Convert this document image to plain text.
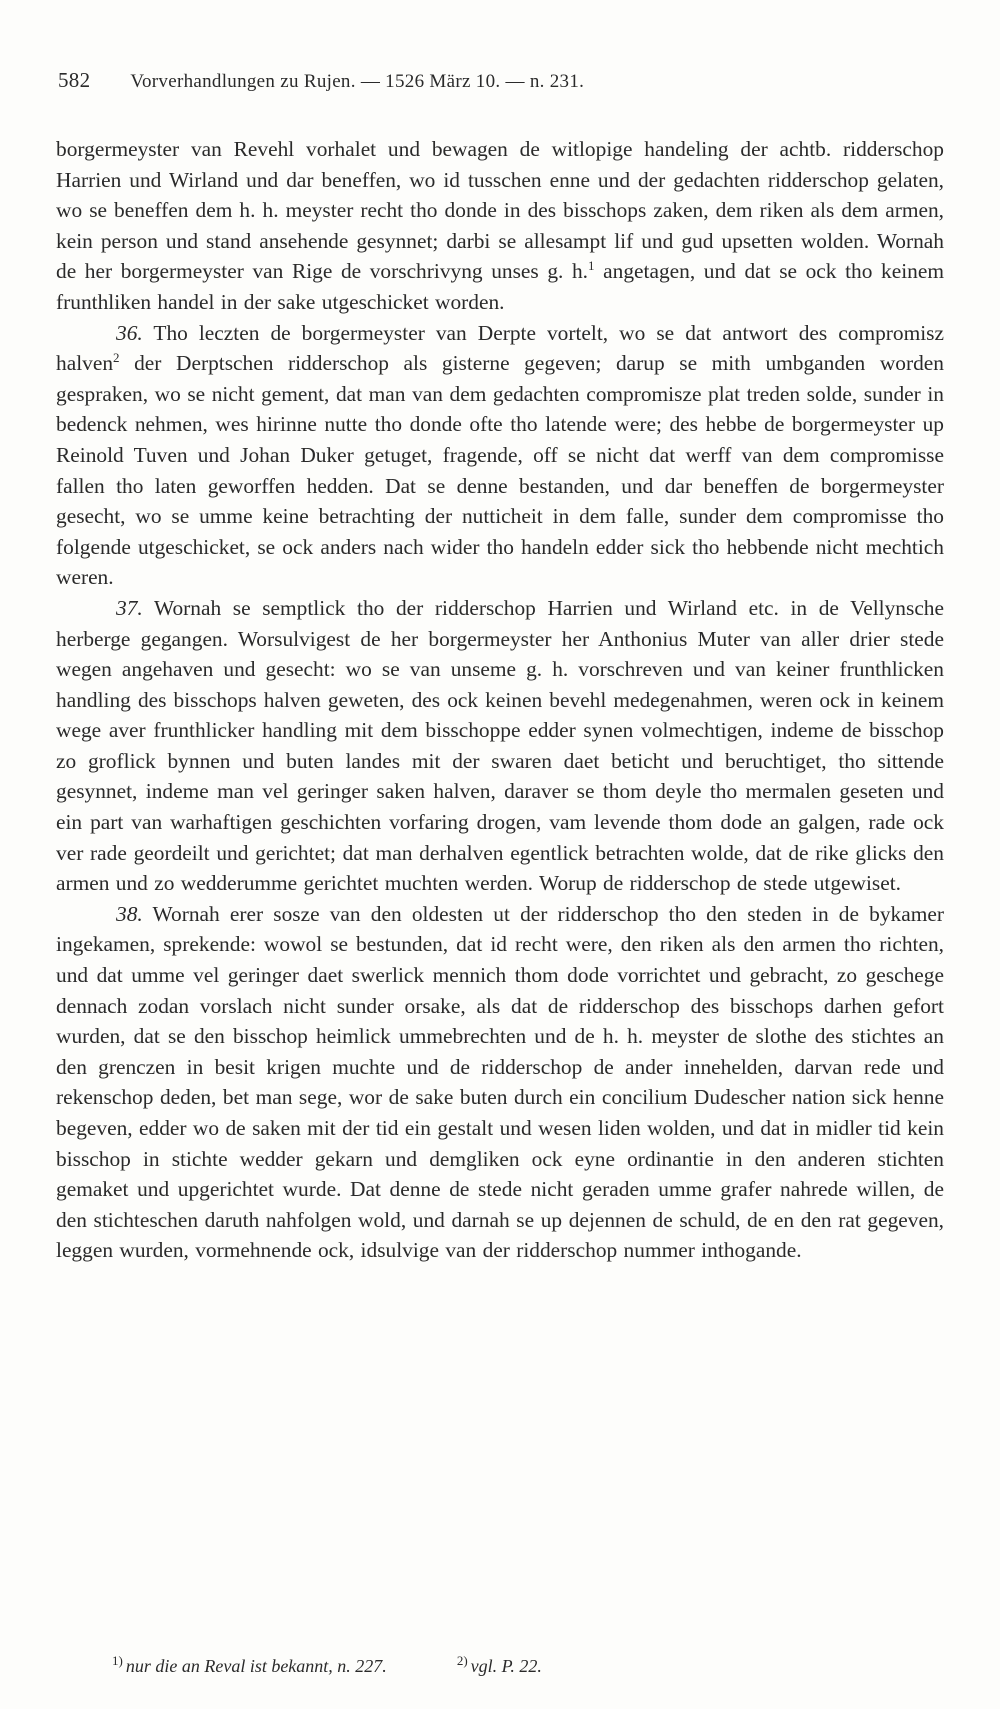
582 Vorverhandlungen zu Rujen. — 1526 März 10. — n. 231.

borgermeyster van Revehl vorhalet und bewagen de witlopige handeling der achtb. ridderschop Harrien und Wirland und dar beneffen, wo id tusschen enne und der gedachten ridderschop gelaten, wo se beneffen dem h. h. meyster recht tho donde in des bisschops zaken, dem riken als dem armen, kein person und stand ansehende gesynnet; darbi se allesampt lif und gud upsetten wolden. Wornah de her borgermeyster van Rige de vorschrivyng unses g. h.$^1$ angetagen, und dat se ock tho keinem frunthliken handel in der sake utgeschicket worden.

36. Tho leczten de borgermeyster van Derpte vortelt, wo se dat antwort des compromisz halven$^2$ der Derptschen ridderschop als gisterne gegeven; darup se mith umbganden worden gespraken, wo se nicht gement, dat man van dem gedachten compromisze plat treden solde, sunder in bedenck nehmen, wes hirinne nutte tho donde ofte tho latende were; des hebbe de borgermeyster up Reinold Tuven und Johan Duker getuget, fragende, off se nicht dat werff van dem compromisse fallen tho laten geworffen hedden. Dat se denne bestanden, und dar beneffen de borgermeyster gesecht, wo se umme keine betrachting der nutticheit in dem falle, sunder dem compromisse tho folgende utgeschicket, se ock anders nach wider tho handeln edder sick tho hebbende nicht mechtich weren.

37. Wornah se semptlick tho der ridderschop Harrien und Wirland etc. in de Vellynsche herberge gegangen. Worsulvigest de her borgermeyster her Anthonius Muter van aller drier stede wegen angehaven und gesecht: wo se van unseme g. h. vorschreven und van keiner frunthlicken handling des bisschops halven geweten, des ock keinen bevehl medegenahmen, weren ock in keinem wege aver frunthlicker handling mit dem bisschoppe edder synen volmechtigen, indeme de bisschop zo groflick bynnen und buten landes mit der swaren daet beticht und beruchtiget, tho sittende gesynnet, indeme man vel geringer saken halven, daraver se thom deyle tho mermalen geseten und ein part van warhaftigen geschichten vorfaring drogen, vam levende thom dode an galgen, rade ock ver rade geordeilt und gerichtet; dat man derhalven egentlick betrachten wolde, dat de rike glicks den armen und zo wedderumme gerichtet muchten werden. Worup de ridderschop de stede utgewiset.

38. Wornah erer sosze van den oldesten ut der ridderschop tho den steden in de bykamer ingekamen, sprekende: wowol se bestunden, dat id recht were, den riken als den armen tho richten, und dat umme vel geringer daet swerlick mennich thom dode vorrichtet und gebracht, zo geschege dennach zodan vorslach nicht sunder orsake, als dat de ridderschop des bisschops darhen gefort wurden, dat se den bisschop heimlick ummebrechten und de h. h. meyster de slothe des stichtes an den grenczen in besit krigen muchte und de ridderschop de ander innehelden, darvan rede und rekenschop deden, bet man sege, wor de sake buten durch ein concilium Dudescher nation sick henne begeven, edder wo de saken mit der tid ein gestalt und wesen liden wolden, und dat in midler tid kein bisschop in stichte wedder gekarn und demgliken ock eyne ordinantie in den anderen stichten gemaket und upgerichtet wurde. Dat denne de stede nicht geraden umme grafer nahrede willen, de den stichteschen daruth nahfolgen wold, und darnah se up dejennen de schuld, de en den rat gegeven, leggen wurden, vormehnende ock, idsulvige van der ridderschop nummer inthogande.

$^{1)}$ nur die an Reval ist bekannt, n. 227.	$^{2)}$ vgl. P. 22.
